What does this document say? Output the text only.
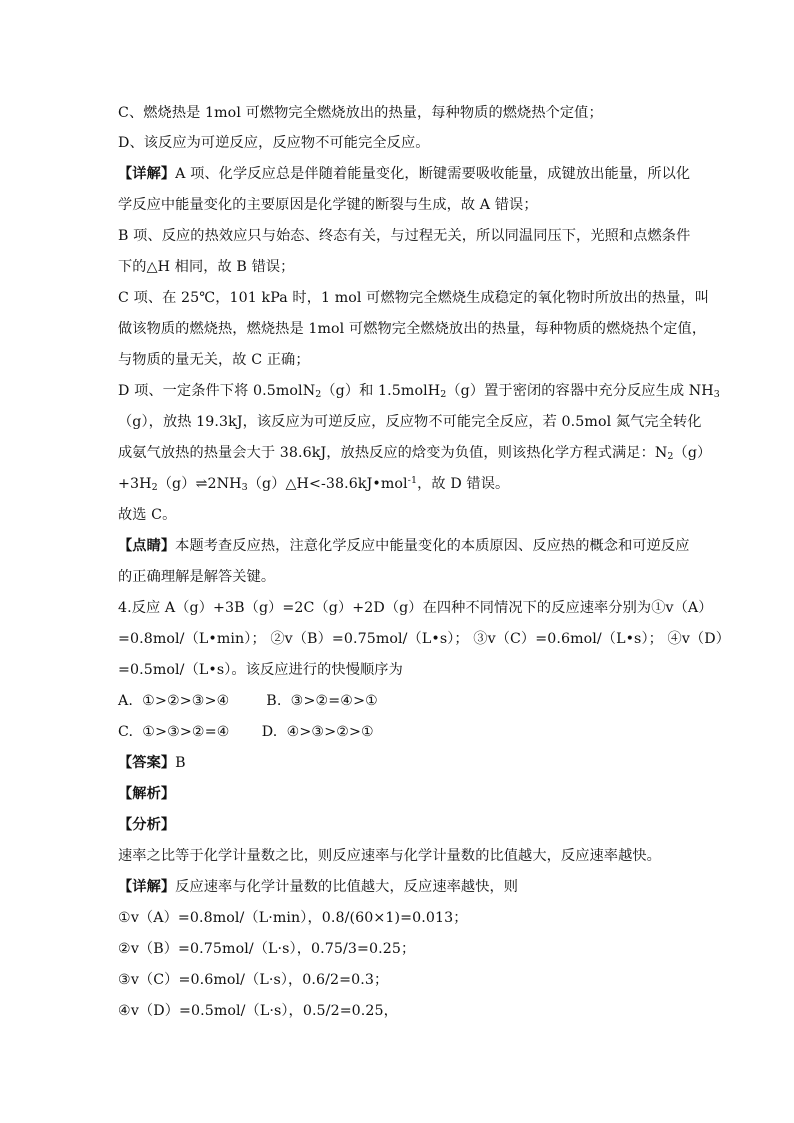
C、燃烧热是 1mol 可燃物完全燃烧放出的热量，每种物质的燃烧热个定值；
D、该反应为可逆反应，反应物不可能完全反应。
【详解】A 项、化学反应总是伴随着能量变化，断键需要吸收能量，成键放出能量，所以化
学反应中能量变化的主要原因是化学键的断裂与生成，故 A 错误；
B 项、反应的热效应只与始态、终态有关，与过程无关，所以同温同压下，光照和点燃条件
下的△H 相同，故 B 错误；
C 项、在 25℃，101 kPa 时，1 mol 可燃物完全燃烧生成稳定的氧化物时所放出的热量，叫
做该物质的燃烧热，燃烧热是 1mol 可燃物完全燃烧放出的热量，每种物质的燃烧热个定值，
与物质的量无关，故 C 正确；
D 项、一定条件下将 0.5molN$_2$（g）和 1.5molH$_2$（g）置于密闭的容器中充分反应生成 $NH_3$
（g），放热 19.3kJ，该反应为可逆反应，反应物不可能完全反应，若 0.5mol 氮气完全转化
成氨气放热的热量会大于 38.6kJ，放热反应的焓变为负值，则该热化学方程式满足：$N_2(g)$
$+3H_2(g)\rightleftharpoons 2NH_3(g)\triangle H<-38.6kJ•mol^{-1}$，故 D 错误。
故选 C。
【点睛】本题考查反应热，注意化学反应中能量变化的本质原因、反应热的概念和可逆反应
的正确理解是解答关键。
4.反应 A（g）+3B（g）=2C（g）+2D（g）在四种不同情况下的反应速率分别为①v（A）
=0.8mol/（L•min）； ②v（B）=0.75mol/（L•s）； ③v（C）=0.6mol/（L•s）； ④v（D）
=0.5mol/（L•s）。该反应进行的快慢顺序为
A.  ①>②>③>④        B.  ③>②=④>①
C.  ①>③>②=④       D.  ④>③>②>①
【答案】B
【解析】
【分析】
速率之比等于化学计量数之比，则反应速率与化学计量数的比值越大，反应速率越快。
【详解】反应速率与化学计量数的比值越大，反应速率越快，则
①v（A）=0.8mol/（L·min），0.8/(60×1)=0.013；
②v（B）=0.75mol/（L·s），0.75/3=0.25；
③v（C）=0.6mol/（L·s），0.6/2=0.3；
④v（D）=0.5mol/（L·s），0.5/2=0.25，
